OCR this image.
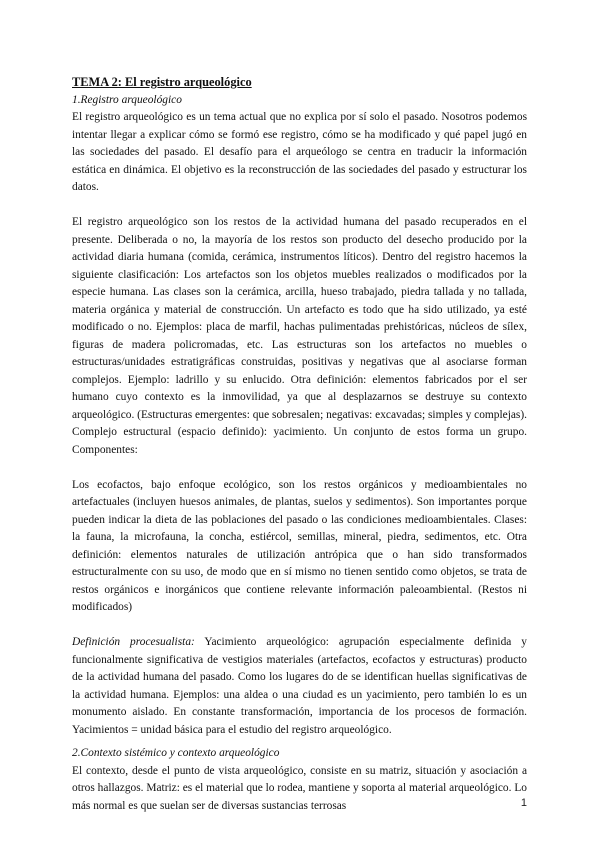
TEMA 2: El registro arqueológico
1.Registro arqueológico

El registro arqueológico es un tema actual que no explica por sí solo el pasado. Nosotros podemos intentar llegar a explicar cómo se formó ese registro, cómo se ha modificado y qué papel jugó en las sociedades del pasado. El desafío para el arqueólogo se centra en traducir la información estática en dinámica. El objetivo es la reconstrucción de las sociedades del pasado y estructurar los datos.

El registro arqueológico son los restos de la actividad humana del pasado recuperados en el presente. Deliberada o no, la mayoría de los restos son producto del desecho producido por la actividad diaria humana (comida, cerámica, instrumentos líticos). Dentro del registro hacemos la siguiente clasificación: Los artefactos son los objetos muebles realizados o modificados por la especie humana. Las clases son la cerámica, arcilla, hueso trabajado, piedra tallada y no tallada, materia orgánica y material de construcción. Un artefacto es todo que ha sido utilizado, ya esté modificado o no. Ejemplos: placa de marfil, hachas pulimentadas prehistóricas, núcleos de sílex, figuras de madera policromadas, etc. Las estructuras son los artefactos no muebles o estructuras/unidades estratigráficas construidas, positivas y negativas que al asociarse forman complejos. Ejemplo: ladrillo y su enlucido. Otra definición: elementos fabricados por el ser humano cuyo contexto es la inmovilidad, ya que al desplazarnos se destruye su contexto arqueológico. (Estructuras emergentes: que sobresalen; negativas: excavadas; simples y complejas). Complejo estructural (espacio definido): yacimiento. Un conjunto de estos forma un grupo. Componentes:

Los ecofactos, bajo enfoque ecológico, son los restos orgánicos y medioambientales no artefactuales (incluyen huesos animales, de plantas, suelos y sedimentos). Son importantes porque pueden indicar la dieta de las poblaciones del pasado o las condiciones medioambientales. Clases: la fauna, la microfauna, la concha, estiércol, semillas, mineral, piedra, sedimentos, etc. Otra definición: elementos naturales de utilización antrópica que o han sido transformados estructuralmente con su uso, de modo que en sí mismo no tienen sentido como objetos, se trata de restos orgánicos e inorgánicos que contiene relevante información paleoambiental. (Restos ni modificados)

Definición procesualista: Yacimiento arqueológico: agrupación especialmente definida y funcionalmente significativa de vestigios materiales (artefactos, ecofactos y estructuras) producto de la actividad humana del pasado. Como los lugares do de se identifican huellas significativas de la actividad humana. Ejemplos: una aldea o una ciudad es un yacimiento, pero también lo es un monumento aislado. En constante transformación, importancia de los procesos de formación. Yacimientos = unidad básica para el estudio del registro arqueológico.

2.Contexto sistémico y contexto arqueológico

El contexto, desde el punto de vista arqueológico, consiste en su matriz, situación y asociación a otros hallazgos. Matriz: es el material que lo rodea, mantiene y soporta al material arqueológico. Lo más normal es que suelan ser de diversas sustancias terrosas	1
